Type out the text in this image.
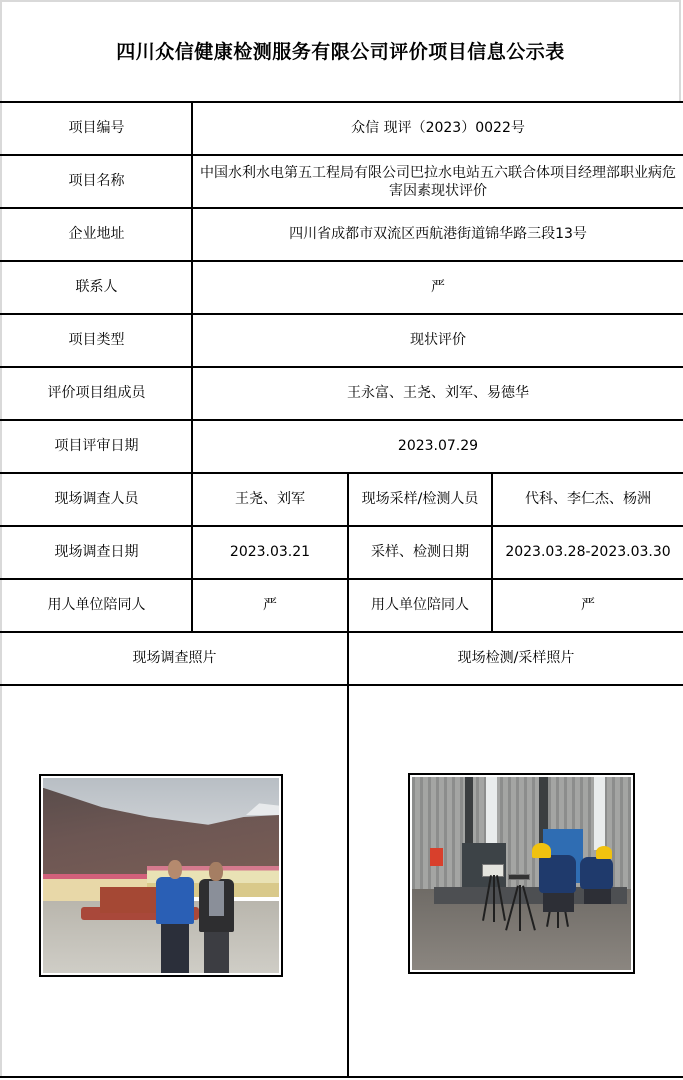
四川众信健康检测服务有限公司评价项目信息公示表
项目编号	众信 现评（2023）0022号		
项目名称	中国水利水电第五工程局有限公司巴拉水电站五六联合体项目经理部职业病危害因素现状评价		
企业地址	四川省成都市双流区西航港街道锦华路三段13号		
联系人	严		
项目类型	现状评价		
评价项目组成员	王永富、王尧、刘军、易德华		
项目评审日期	2023.07.29		
现场调查人员	王尧、刘军	现场采样/检测人员	代科、李仁杰、杨洲
现场调查日期	2023.03.21	采样、检测日期	2023.03.28-2023.03.30
用人单位陪同人	严	用人单位陪同人	严
现场调查照片		现场检测/采样照片	
